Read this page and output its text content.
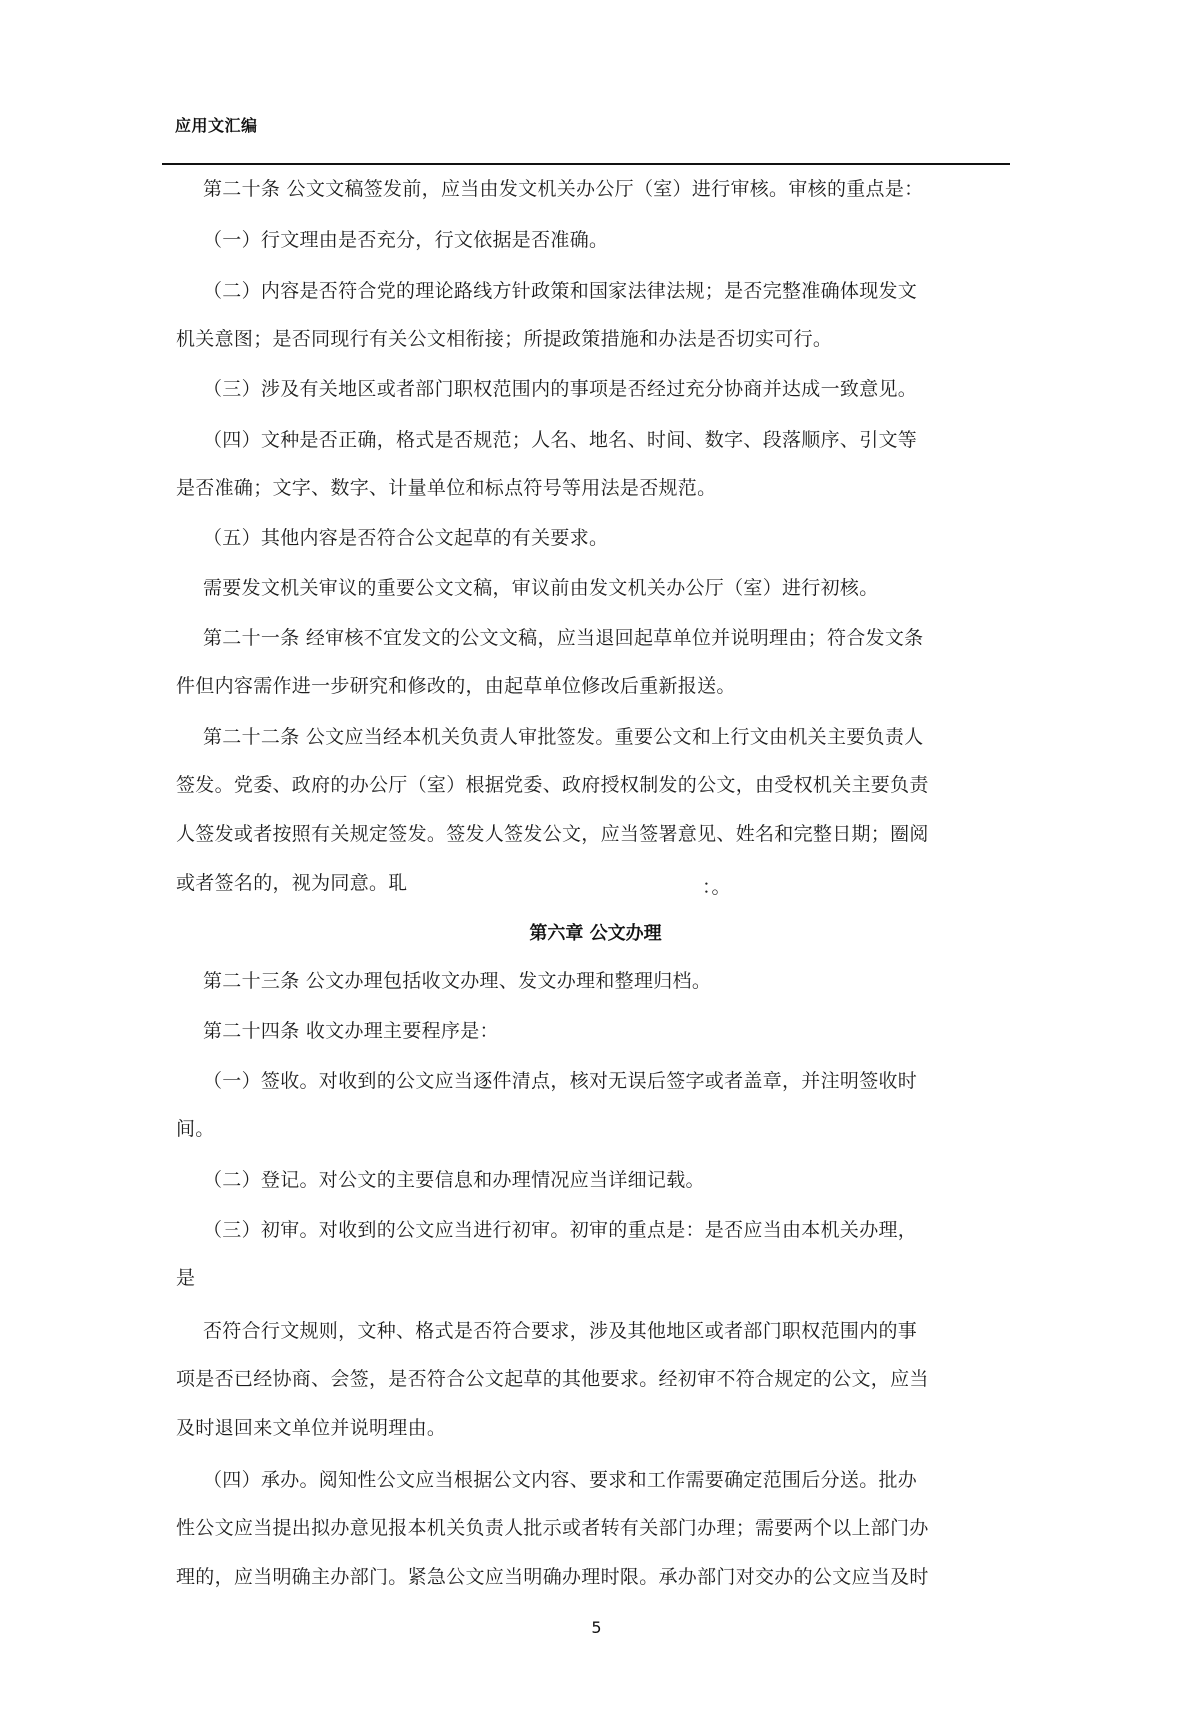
应用文汇编
第二十条 公文文稿签发前，应当由发文机关办公厅（室）进行审核。审核的重点是：
（一）行文理由是否充分，行文依据是否准确。
（二）内容是否符合党的理论路线方针政策和国家法律法规；是否完整准确体现发文
机关意图；是否同现行有关公文相衔接；所提政策措施和办法是否切实可行。
（三）涉及有关地区或者部门职权范围内的事项是否经过充分协商并达成一致意见。
（四）文种是否正确，格式是否规范；人名、地名、时间、数字、段落顺序、引文等
是否准确；文字、数字、计量单位和标点符号等用法是否规范。
（五）其他内容是否符合公文起草的有关要求。
需要发文机关审议的重要公文文稿，审议前由发文机关办公厅（室）进行初核。
第二十一条 经审核不宜发文的公文文稿，应当退回起草单位并说明理由；符合发文条
件但内容需作进一步研究和修改的，由起草单位修改后重新报送。
第二十二条 公文应当经本机关负责人审批签发。重要公文和上行文由机关主要负责人
签发。党委、政府的办公厅（室）根据党委、政府授权制发的公文，由受权机关主要负责
人签发或者按照有关规定签发。签发人签发公文，应当签署意见、姓名和完整日期；圈阅
或者签名的，视为同意。耴	：。
第六章 公文办理
第二十三条 公文办理包括收文办理、发文办理和整理归档。
第二十四条 收文办理主要程序是：
（一）签收。对收到的公文应当逐件清点，核对无误后签字或者盖章，并注明签收时
间。
（二）登记。对公文的主要信息和办理情况应当详细记载。
（三）初审。对收到的公文应当进行初审。初审的重点是：是否应当由本机关办理，
是
否符合行文规则，文种、格式是否符合要求，涉及其他地区或者部门职权范围内的事
项是否已经协商、会签，是否符合公文起草的其他要求。经初审不符合规定的公文，应当
及时退回来文单位并说明理由。
（四）承办。阅知性公文应当根据公文内容、要求和工作需要确定范围后分送。批办
性公文应当提出拟办意见报本机关负责人批示或者转有关部门办理；需要两个以上部门办
理的，应当明确主办部门。紧急公文应当明确办理时限。承办部门对交办的公文应当及时
5
